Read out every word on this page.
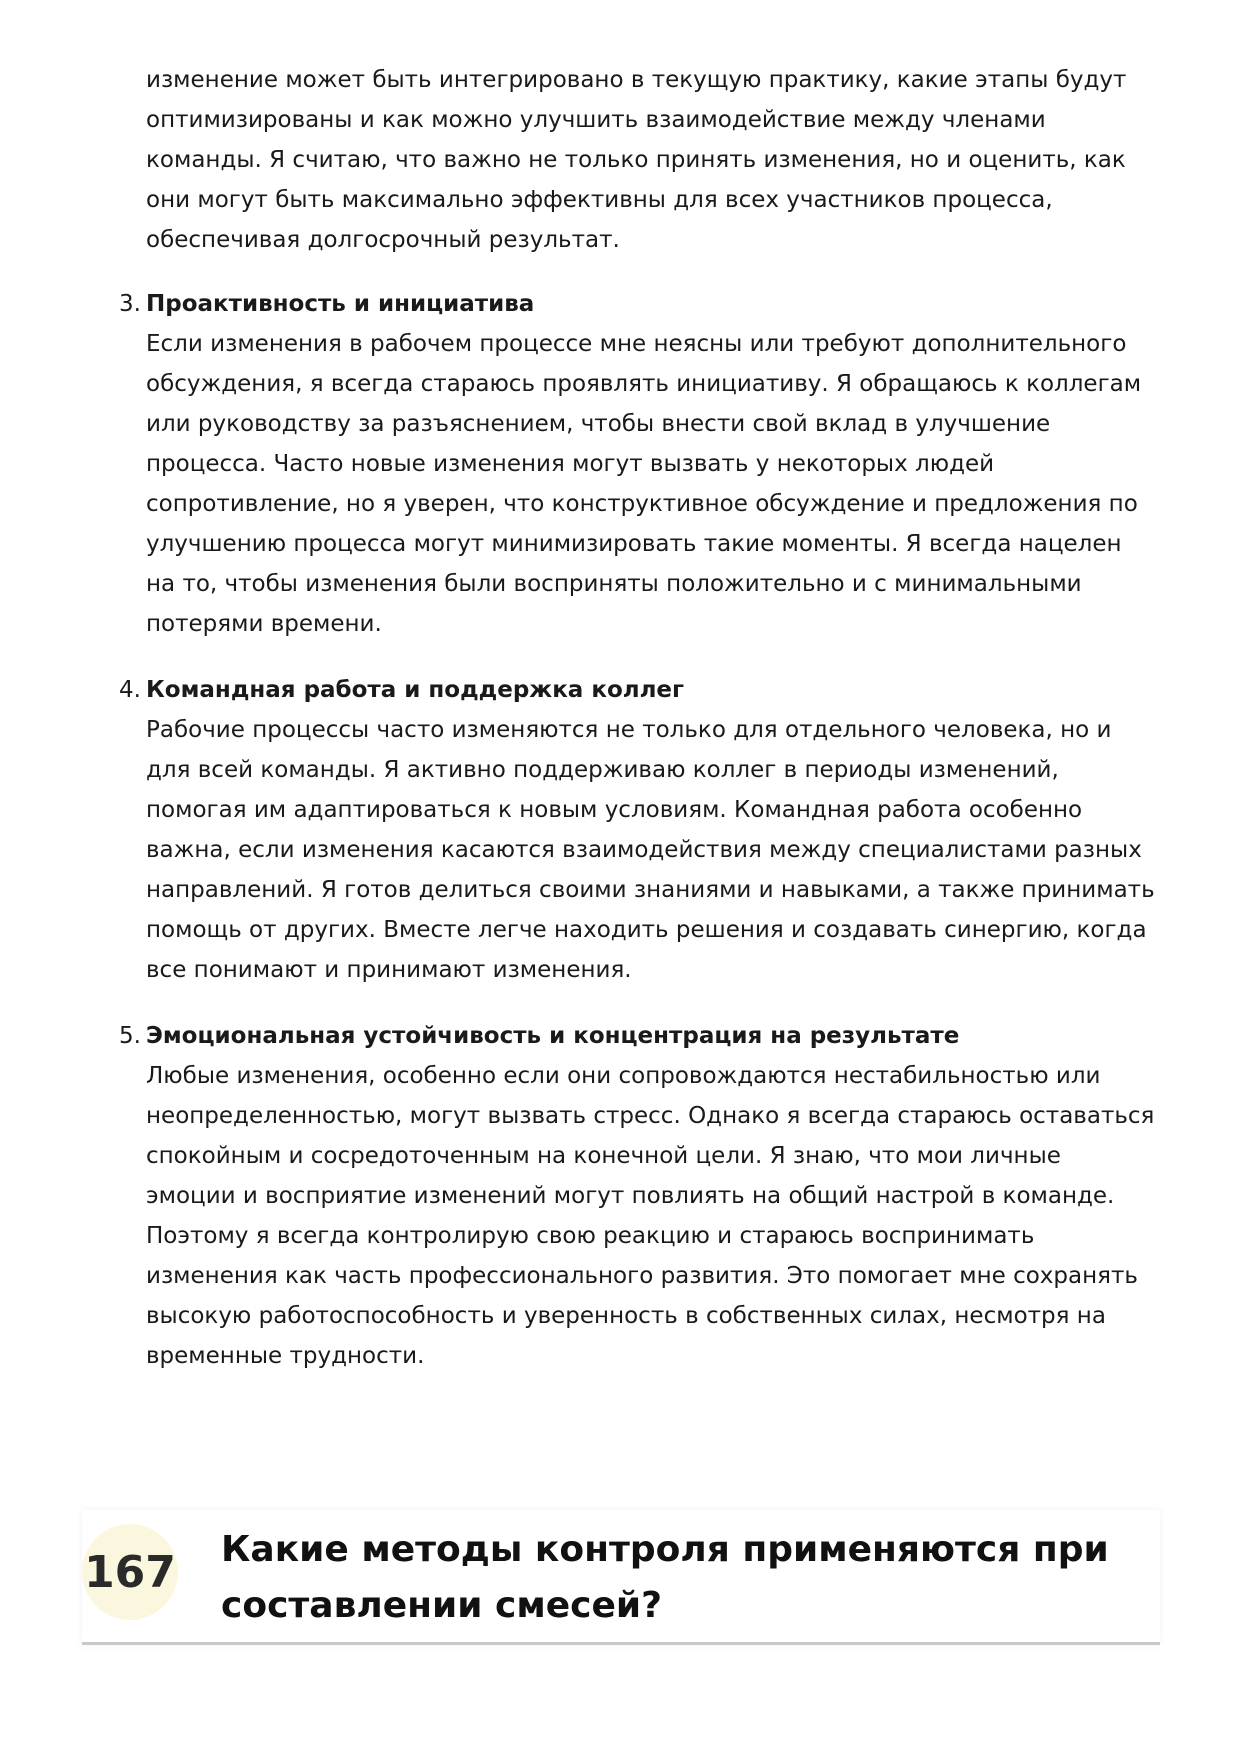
изменение может быть интегрировано в текущую практику, какие этапы будут оптимизированы и как можно улучшить взаимодействие между членами команды. Я считаю, что важно не только принять изменения, но и оценить, как они могут быть максимально эффективны для всех участников процесса, обеспечивая долгосрочный результат.

3. Проактивность и инициатива

Если изменения в рабочем процессе мне неясны или требуют дополнительного обсуждения, я всегда стараюсь проявлять инициативу. Я обращаюсь к коллегам или руководству за разъяснением, чтобы внести свой вклад в улучшение процесса. Часто новые изменения могут вызвать у некоторых людей сопротивление, но я уверен, что конструктивное обсуждение и предложения по улучшению процесса могут минимизировать такие моменты. Я всегда нацелен на то, чтобы изменения были восприняты положительно и с минимальными потерями времени.

4. Командная работа и поддержка коллег

Рабочие процессы часто изменяются не только для отдельного человека, но и для всей команды. Я активно поддерживаю коллег в периоды изменений, помогая им адаптироваться к новым условиям. Командная работа особенно важна, если изменения касаются взаимодействия между специалистами разных направлений. Я готов делиться своими знаниями и навыками, а также принимать помощь от других. Вместе легче находить решения и создавать синергию, когда все понимают и принимают изменения.

5. Эмоциональная устойчивость и концентрация на результате

Любые изменения, особенно если они сопровождаются нестабильностью или неопределенностью, могут вызвать стресс. Однако я всегда стараюсь оставаться спокойным и сосредоточенным на конечной цели. Я знаю, что мои личные эмоции и восприятие изменений могут повлиять на общий настрой в команде. Поэтому я всегда контролирую свою реакцию и стараюсь воспринимать изменения как часть профессионального развития. Это помогает мне сохранять высокую работоспособность и уверенность в собственных силах, несмотря на временные трудности.

167 Какие методы контроля применяются при составлении смесей?
